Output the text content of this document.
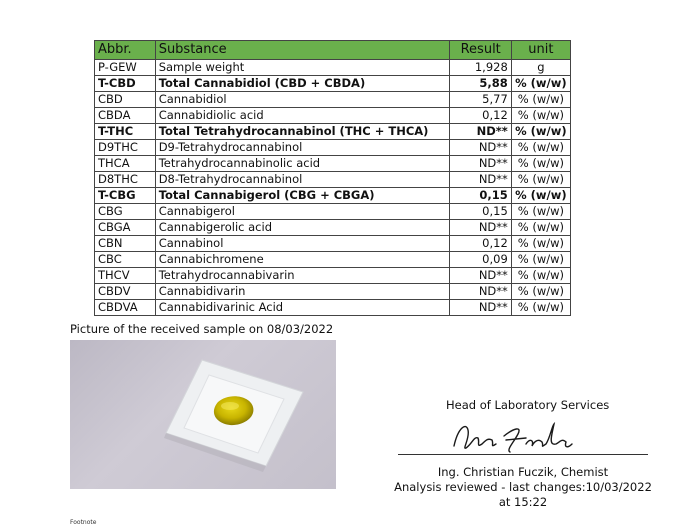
Abbr.	Substance	Result	unit
P-GEW	Sample weight	1,928	g
T-CBD	Total Cannabidiol (CBD + CBDA)	5,88	% (w/w)
CBD	Cannabidiol	5,77	% (w/w)
CBDA	Cannabidiolic acid	0,12	% (w/w)
T-THC	Total Tetrahydrocannabinol (THC + THCA)	ND**	% (w/w)
D9THC	D9-Tetrahydrocannabinol	ND**	% (w/w)
THCA	Tetrahydrocannabinolic acid	ND**	% (w/w)
D8THC	D8-Tetrahydrocannabinol	ND**	% (w/w)
T-CBG	Total Cannabigerol (CBG + CBGA)	0,15	% (w/w)
CBG	Cannabigerol	0,15	% (w/w)
CBGA	Cannabigerolic acid	ND**	% (w/w)
CBN	Cannabinol	0,12	% (w/w)
CBC	Cannabichromene	0,09	% (w/w)
THCV	Tetrahydrocannabivarin	ND**	% (w/w)
CBDV	Cannabidivarin	ND**	% (w/w)
CBDVA	Cannabidivarinic Acid	ND**	% (w/w)
Picture of the received sample on 08/03/2022
Head of Laboratory Services
Ing. Christian Fuczik, Chemist
Analysis reviewed - last changes:10/03/2022 at 15:22
Footnote
